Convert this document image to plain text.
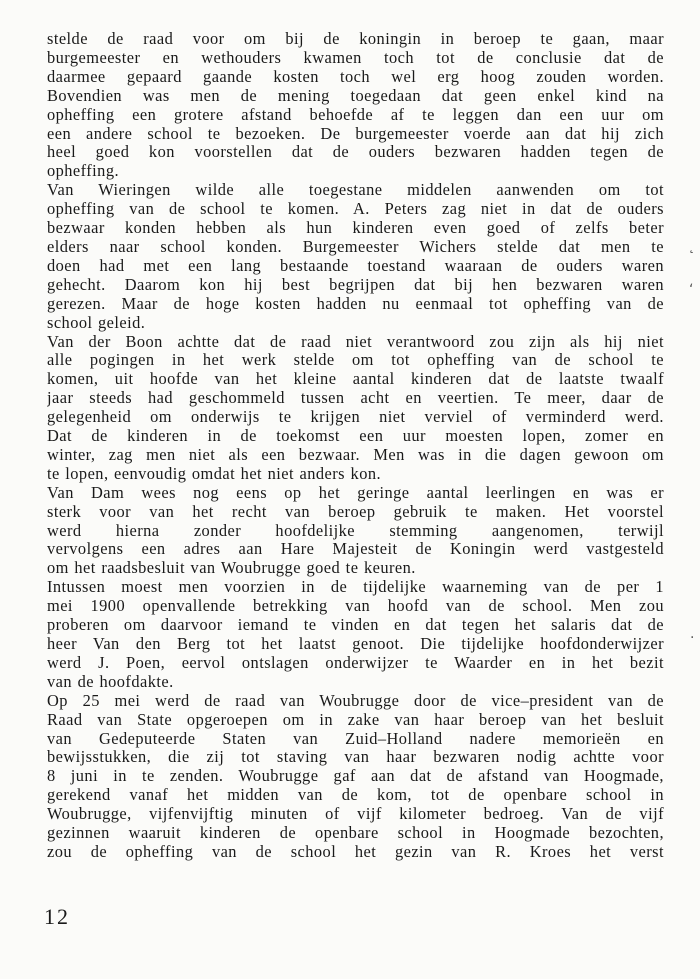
stelde de raad voor om bij de koningin in beroep te gaan, maar
burgemeester en wethouders kwamen toch tot de conclusie dat de
daarmee gepaard gaande kosten toch wel erg hoog zouden worden.
Bovendien was men de mening toegedaan dat geen enkel kind na
opheffing een grotere afstand behoefde af te leggen dan een uur om
een andere school te bezoeken. De burgemeester voerde aan dat hij zich
heel goed kon voorstellen dat de ouders bezwaren hadden tegen de
opheffing.
Van Wieringen wilde alle toegestane middelen aanwenden om tot
opheffing van de school te komen. A. Peters zag niet in dat de ouders
bezwaar konden hebben als hun kinderen even goed of zelfs beter
elders naar school konden. Burgemeester Wichers stelde dat men te
doen had met een lang bestaande toestand waaraan de ouders waren
gehecht. Daarom kon hij best begrijpen dat bij hen bezwaren waren
gerezen. Maar de hoge kosten hadden nu eenmaal tot opheffing van de
school geleid.
Van der Boon achtte dat de raad niet verantwoord zou zijn als hij niet
alle pogingen in het werk stelde om tot opheffing van de school te
komen, uit hoofde van het kleine aantal kinderen dat de laatste twaalf
jaar steeds had geschommeld tussen acht en veertien. Te meer, daar de
gelegenheid om onderwijs te krijgen niet verviel of verminderd werd.
Dat de kinderen in de toekomst een uur moesten lopen, zomer en
winter, zag men niet als een bezwaar. Men was in die dagen gewoon om
te lopen, eenvoudig omdat het niet anders kon.
Van Dam wees nog eens op het geringe aantal leerlingen en was er
sterk voor van het recht van beroep gebruik te maken. Het voorstel
werd hierna zonder hoofdelijke stemming aangenomen, terwijl
vervolgens een adres aan Hare Majesteit de Koningin werd vastgesteld
om het raadsbesluit van Woubrugge goed te keuren.
Intussen moest men voorzien in de tijdelijke waarneming van de per 1
mei 1900 openvallende betrekking van hoofd van de school. Men zou
proberen om daarvoor iemand te vinden en dat tegen het salaris dat de
heer Van den Berg tot het laatst genoot. Die tijdelijke hoofdonderwijzer
werd J. Poen, eervol ontslagen onderwijzer te Waarder en in het bezit
van de hoofdakte.
Op 25 mei werd de raad van Woubrugge door de vice–president van de
Raad van State opgeroepen om in zake van haar beroep van het besluit
van Gedeputeerde Staten van Zuid–Holland nadere memorieën en
bewijsstukken, die zij tot staving van haar bezwaren nodig achtte voor
8 juni in te zenden. Woubrugge gaf aan dat de afstand van Hoogmade,
gerekend vanaf het midden van de kom, tot de openbare school in
Woubrugge, vijfenvijftig minuten of vijf kilometer bedroeg. Van de vijf
gezinnen waaruit kinderen de openbare school in Hoogmade bezochten,
zou de opheffing van de school het gezin van R. Kroes het verst
12
˛
‘
·
